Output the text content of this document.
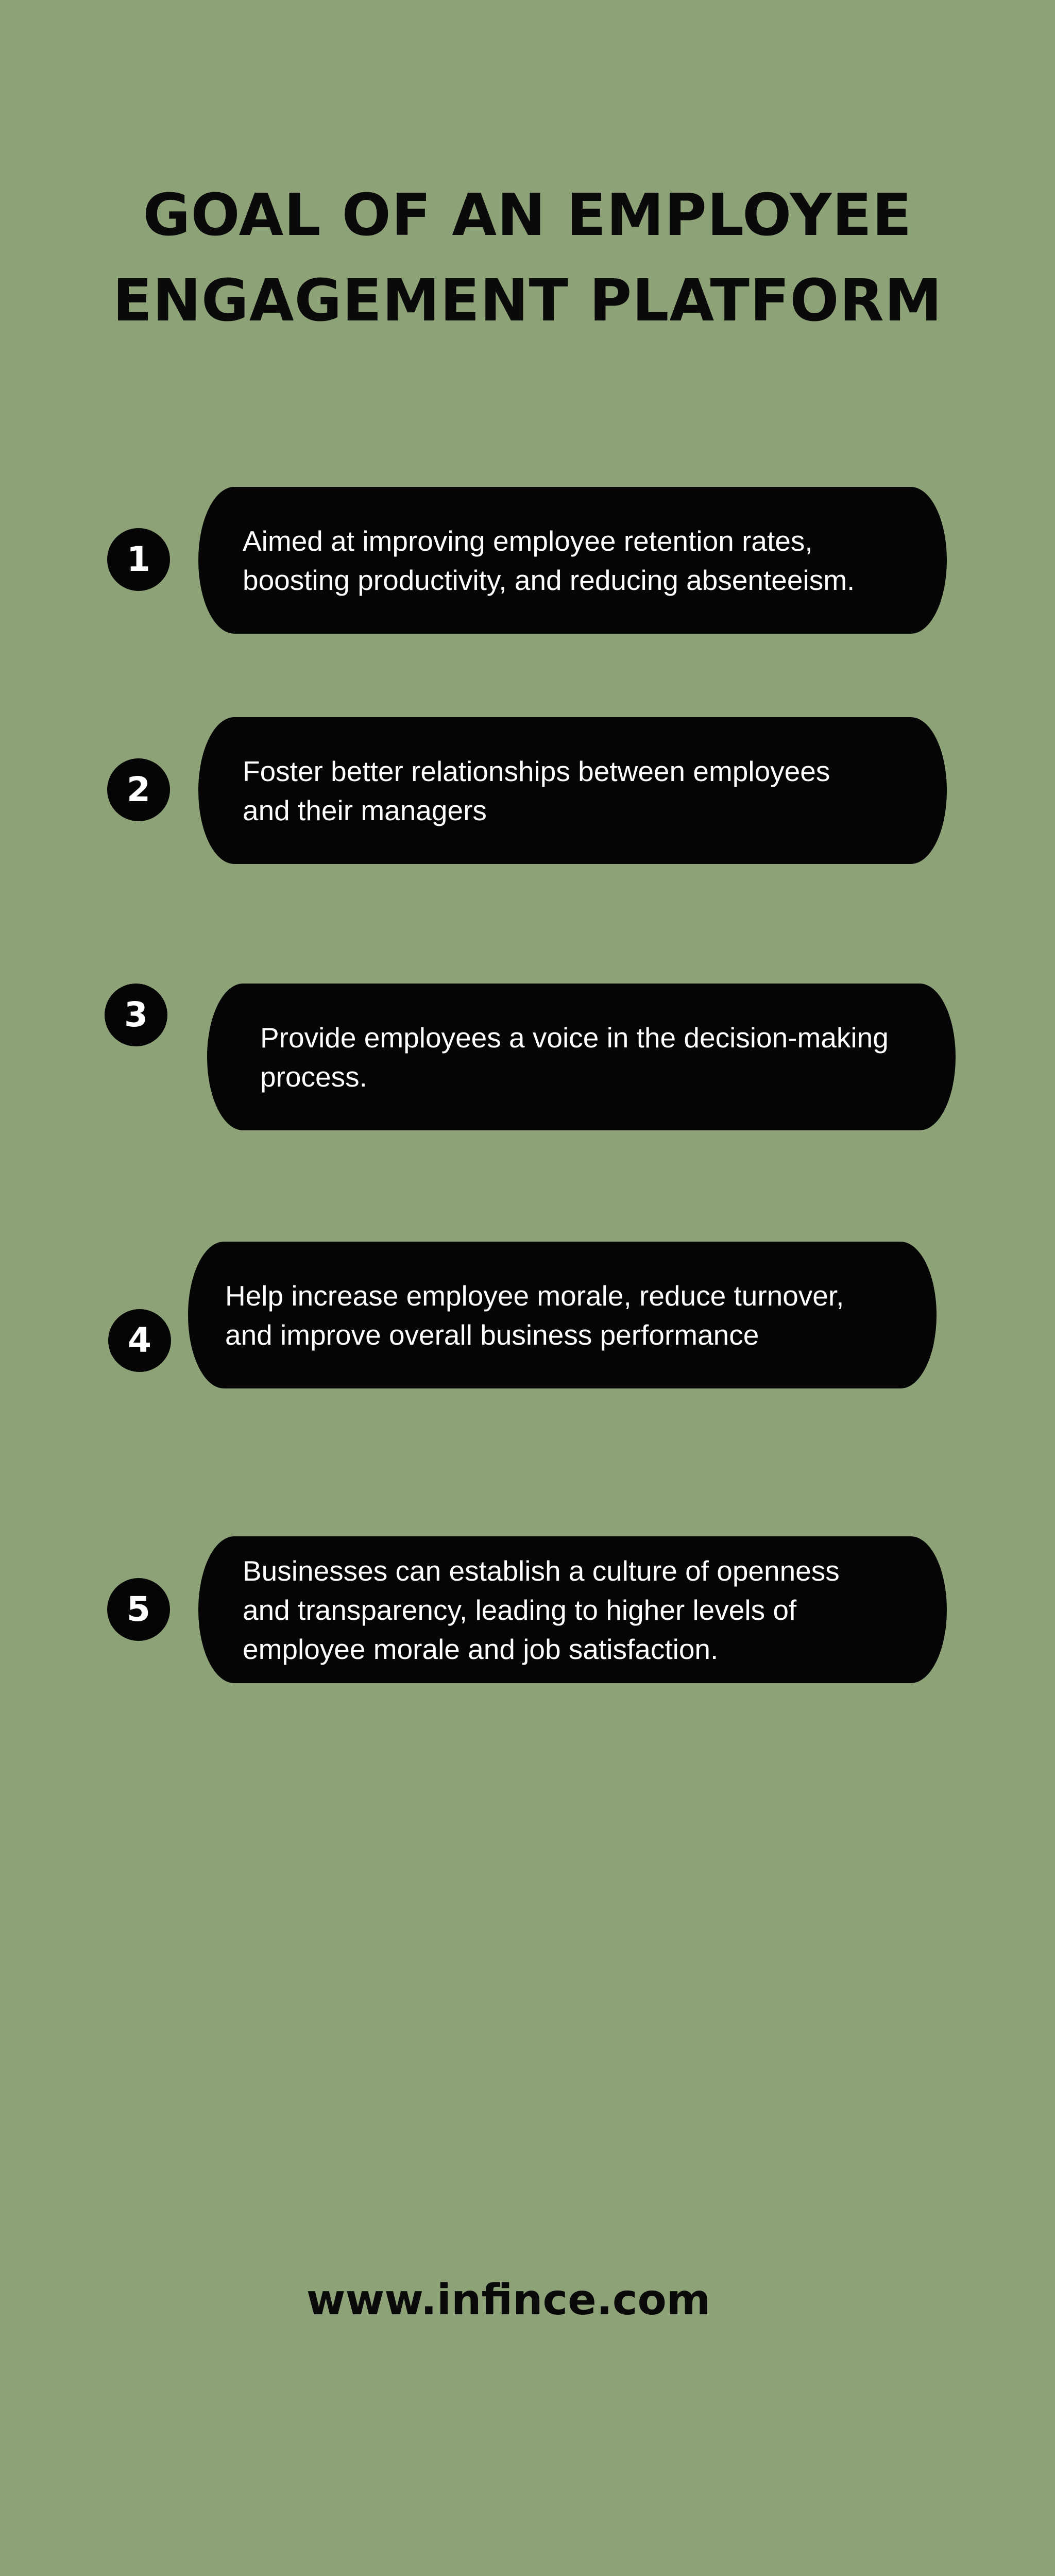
GOAL OF AN EMPLOYEE
ENGAGEMENT PLATFORM
1	Aimed at improving employee retention rates, boosting productivity, and reducing absenteeism.
2	Foster better relationships between employees and their managers
3
Provide employees a voice in the decision-making process.
4
Help increase employee morale, reduce turnover, and improve overall business performance
5
Businesses can establish a culture of openness and transparency, leading to higher levels of employee morale and job satisfaction.
www.infince.com
